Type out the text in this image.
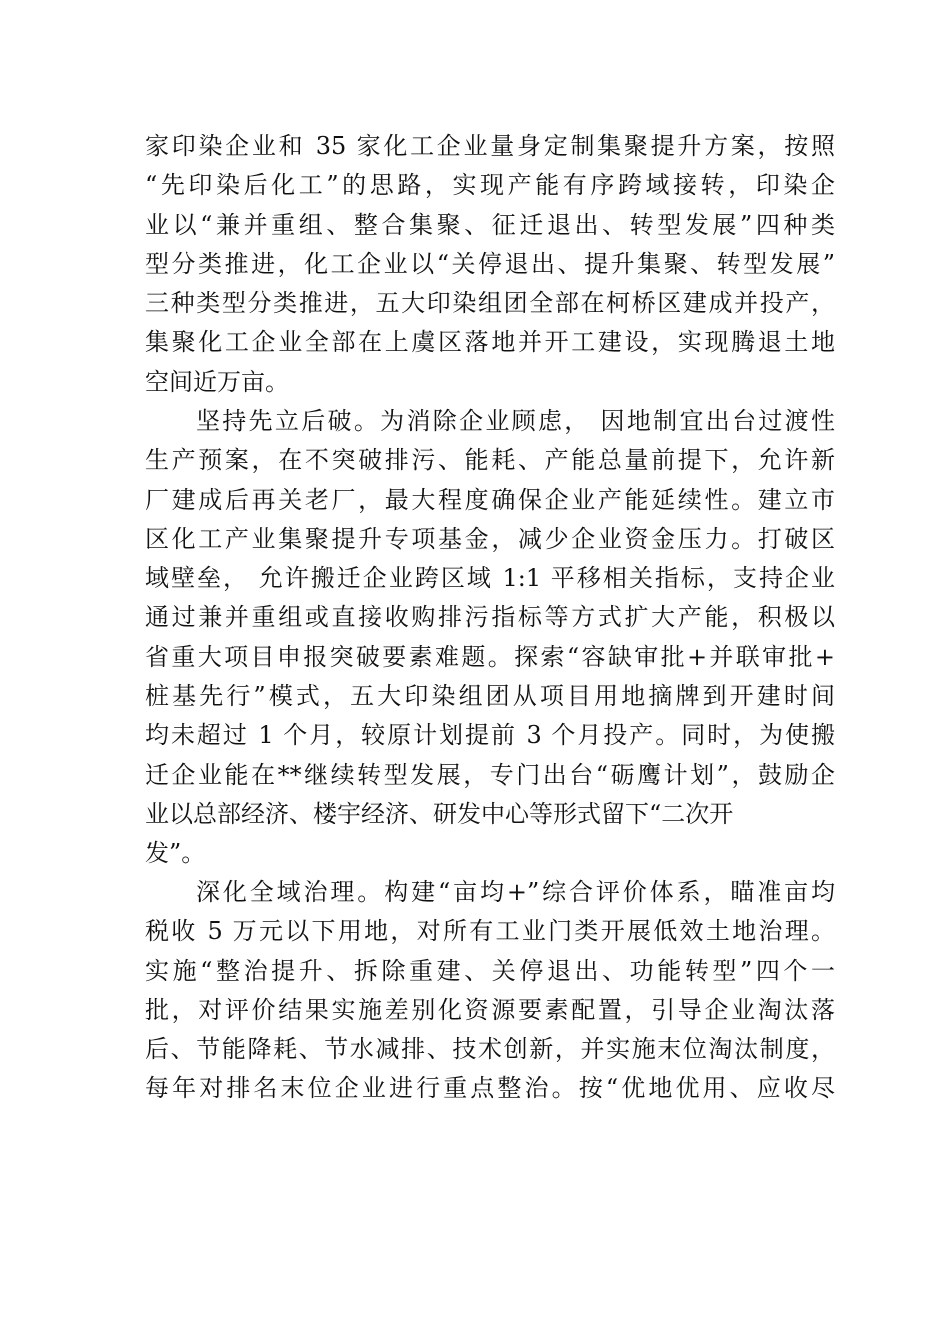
家印染企业和 35 家化工企业量身定制集聚提升方案，按照
“先印染后化工”的思路，实现产能有序跨域接转，印染企
业以“兼并重组、整合集聚、征迁退出、转型发展”四种类
型分类推进，化工企业以“关停退出、提升集聚、转型发展”
三种类型分类推进，五大印染组团全部在柯桥区建成并投产，
集聚化工企业全部在上虞区落地并开工建设，实现腾退土地
空间近万亩。
坚持先立后破。为消除企业顾虑， 因地制宜出台过渡性
生产预案，在不突破排污、能耗、产能总量前提下，允许新
厂建成后再关老厂，最大程度确保企业产能延续性。建立市
区化工产业集聚提升专项基金，减少企业资金压力。打破区
域壁垒， 允许搬迁企业跨区域 1:1 平移相关指标，支持企业
通过兼并重组或直接收购排污指标等方式扩大产能，积极以
省重大项目申报突破要素难题。探索“容缺审批+并联审批+
桩基先行”模式，五大印染组团从项目用地摘牌到开建时间
均未超过 1 个月，较原计划提前 3 个月投产。同时，为使搬
迁企业能在**继续转型发展，专门出台“砺鹰计划”，鼓励企
业以总部经济、楼宇经济、研发中心等形式留下“二次开
发”。
深化全域治理。构建“亩均+”综合评价体系，瞄准亩均
税收 5 万元以下用地，对所有工业门类开展低效土地治理。
实施“整治提升、拆除重建、关停退出、功能转型”四个一
批，对评价结果实施差别化资源要素配置，引导企业淘汰落
后、节能降耗、节水减排、技术创新，并实施末位淘汰制度，
每年对排名末位企业进行重点整治。按“优地优用、应收尽
